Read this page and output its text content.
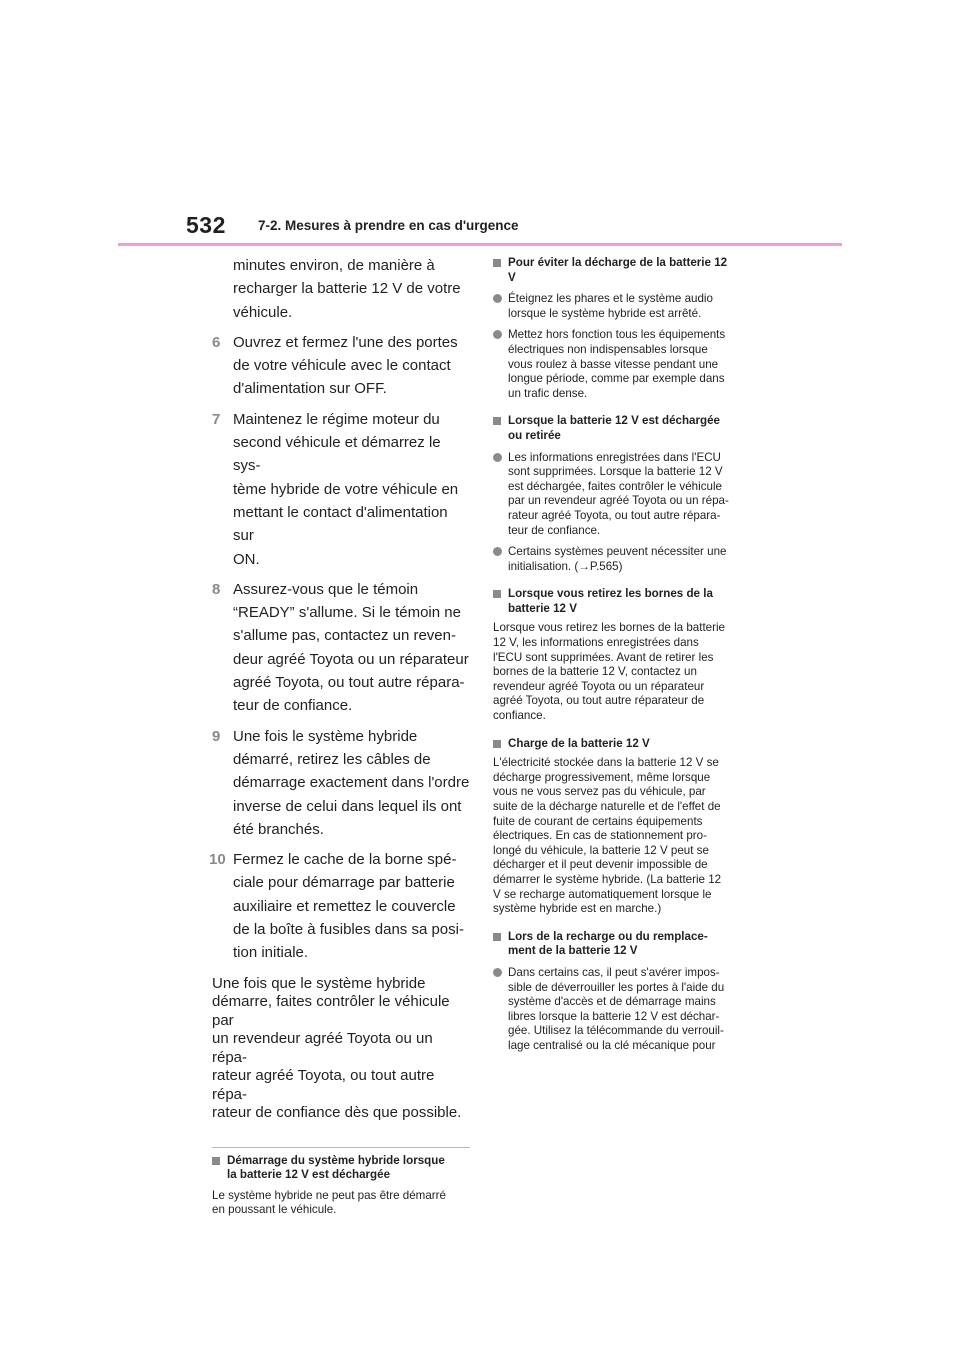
532 7-2. Mesures à prendre en cas d'urgence
minutes environ, de manière à
recharger la batterie 12 V de votre
véhicule.
6 Ouvrez et fermez l'une des portes
de votre véhicule avec le contact
d'alimentation sur OFF.
7 Maintenez le régime moteur du
second véhicule et démarrez le sys-
tème hybride de votre véhicule en
mettant le contact d'alimentation sur
ON.
8 Assurez-vous que le témoin
“READY” s'allume. Si le témoin ne
s'allume pas, contactez un reven-
deur agréé Toyota ou un réparateur
agréé Toyota, ou tout autre répara-
teur de confiance.
9 Une fois le système hybride
démarré, retirez les câbles de
démarrage exactement dans l'ordre
inverse de celui dans lequel ils ont
été branchés.
10 Fermez le cache de la borne spé-
ciale pour démarrage par batterie
auxiliaire et remettez le couvercle
de la boîte à fusibles dans sa posi-
tion initiale.
Une fois que le système hybride
démarre, faites contrôler le véhicule par
un revendeur agréé Toyota ou un répa-
rateur agréé Toyota, ou tout autre répa-
rateur de confiance dès que possible.
Démarrage du système hybride lorsque
la batterie 12 V est déchargée
Le système hybride ne peut pas être démarré
en poussant le véhicule.
Pour éviter la décharge de la batterie 12
V
Éteignez les phares et le système audio
lorsque le système hybride est arrêté.
Mettez hors fonction tous les équipements
électriques non indispensables lorsque
vous roulez à basse vitesse pendant une
longue période, comme par exemple dans
un trafic dense.
Lorsque la batterie 12 V est déchargée
ou retirée
Les informations enregistrées dans l'ECU
sont supprimées. Lorsque la batterie 12 V
est déchargée, faites contrôler le véhicule
par un revendeur agréé Toyota ou un répa-
rateur agréé Toyota, ou tout autre répara-
teur de confiance.
Certains systèmes peuvent nécessiter une
initialisation. (→P.565)
Lorsque vous retirez les bornes de la
batterie 12 V
Lorsque vous retirez les bornes de la batterie
12 V, les informations enregistrées dans
l'ECU sont supprimées. Avant de retirer les
bornes de la batterie 12 V, contactez un
revendeur agréé Toyota ou un réparateur
agréé Toyota, ou tout autre réparateur de
confiance.
Charge de la batterie 12 V
L'électricité stockée dans la batterie 12 V se
décharge progressivement, même lorsque
vous ne vous servez pas du véhicule, par
suite de la décharge naturelle et de l'effet de
fuite de courant de certains équipements
électriques. En cas de stationnement pro-
longé du véhicule, la batterie 12 V peut se
décharger et il peut devenir impossible de
démarrer le système hybride. (La batterie 12
V se recharge automatiquement lorsque le
système hybride est en marche.)
Lors de la recharge ou du remplace-
ment de la batterie 12 V
Dans certains cas, il peut s'avérer impos-
sible de déverrouiller les portes à l'aide du
système d'accès et de démarrage mains
libres lorsque la batterie 12 V est déchar-
gée. Utilisez la télécommande du verrouil-
lage centralisé ou la clé mécanique pour
